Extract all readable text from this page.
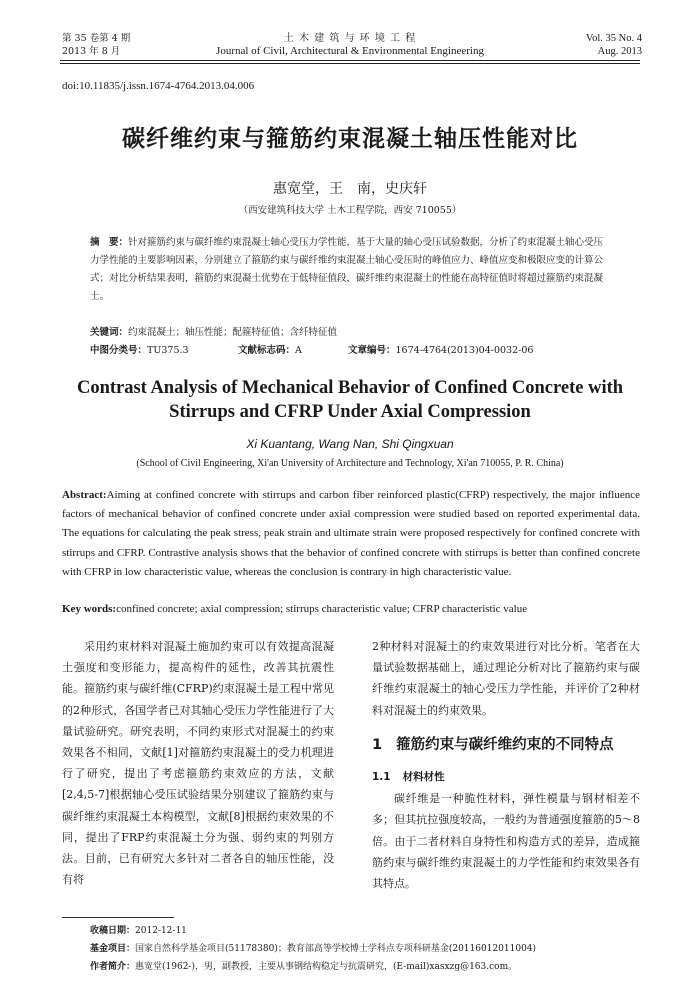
第 35 卷第 4 期
2013 年 8 月
土 木 建 筑 与 环 境 工 程
Journal of Civil, Architectural & Environmental Engineering
Vol. 35 No. 4
Aug. 2013
doi:10.11835/j.issn.1674-4764.2013.04.006
碳纤维约束与箍筋约束混凝土轴压性能对比
惠宽堂，王　南，史庆轩
（西安建筑科技大学 土木工程学院，西安 710055）
摘　要：针对箍筋约束与碳纤维约束混凝土轴心受压力学性能，基于大量的轴心受压试验数据，分析了约束混凝土轴心受压力学性能的主要影响因素，分别建立了箍筋约束与碳纤维约束混凝土轴心受压时的峰值应力、峰值应变和极限应变的计算公式；对比分析结果表明，箍筋约束混凝土优势在于低特征值段，碳纤维约束混凝土的性能在高特征值时将超过箍筋约束混凝土。
关键词：约束混凝土；轴压性能；配箍特征值；含纤特征值
中图分类号：TU375.3	文献标志码：A	文章编号：1674-4764(2013)04-0032-06
Contrast Analysis of Mechanical Behavior of Confined Concrete with Stirrups and CFRP Under Axial Compression
Xi Kuantang, Wang Nan, Shi Qingxuan
(School of Civil Engineering, Xi'an University of Architecture and Technology, Xi'an 710055, P. R. China)
Abstract:Aiming at confined concrete with stirrups and carbon fiber reinforced plastic(CFRP) respectively, the major influence factors of mechanical behavior of confined concrete under axial compression were studied based on reported experimental data. The equations for calculating the peak stress, peak strain and ultimate strain were proposed respectively for confined concrete with stirrups and CFRP. Contrastive analysis shows that the behavior of confined concrete with stirrups is better than confined concrete with CFRP in low characteristic value, whereas the conclusion is contrary in high characteristic value.
Key words:confined concrete; axial compression; stirrups characteristic value; CFRP characteristic value

采用约束材料对混凝土施加约束可以有效提高混凝土强度和变形能力，提高构件的延性，改善其抗震性能。箍筋约束与碳纤维(CFRP)约束混凝土是工程中常见的2种形式，各国学者已对其轴心受压力学性能进行了大量试验研究。研究表明，不同约束形式对混凝土的约束效果各不相同，文献[1]对箍筋约束混凝土的受力机理进行了研究，提出了考虑箍筋约束效应的方法，文献[2,4,5-7]根据轴心受压试验结果分别建议了箍筋约束与碳纤维约束混凝土本构模型，文献[8]根据约束效果的不同，提出了FRP约束混凝土分为强、弱约束的判别方法。目前，已有研究大多针对二者各自的轴压性能，没有将

2种材料对混凝土的约束效果进行对比分析。笔者在大量试验数据基础上，通过理论分析对比了箍筋约束与碳纤维约束混凝土的轴心受压力学性能，并评价了2种材料对混凝土的约束效果。

1 箍筋约束与碳纤维约束的不同特点
1.1 材料材性

碳纤维是一种脆性材料，弹性模量与钢材相差不多；但其抗拉强度较高，一般约为普通强度箍筋的5～8倍。由于二者材料自身特性和构造方式的差异，造成箍筋约束与碳纤维约束混凝土的力学性能和约束效果各有其特点。

收稿日期：2012-12-11
基金项目：国家自然科学基金项目(51178380)；教育部高等学校博士学科点专项科研基金(20116012011004)
作者简介：惠宽堂(1962-)，男，副教授，主要从事钢结构稳定与抗震研究，(E-mail)xasxzg@163.com。
